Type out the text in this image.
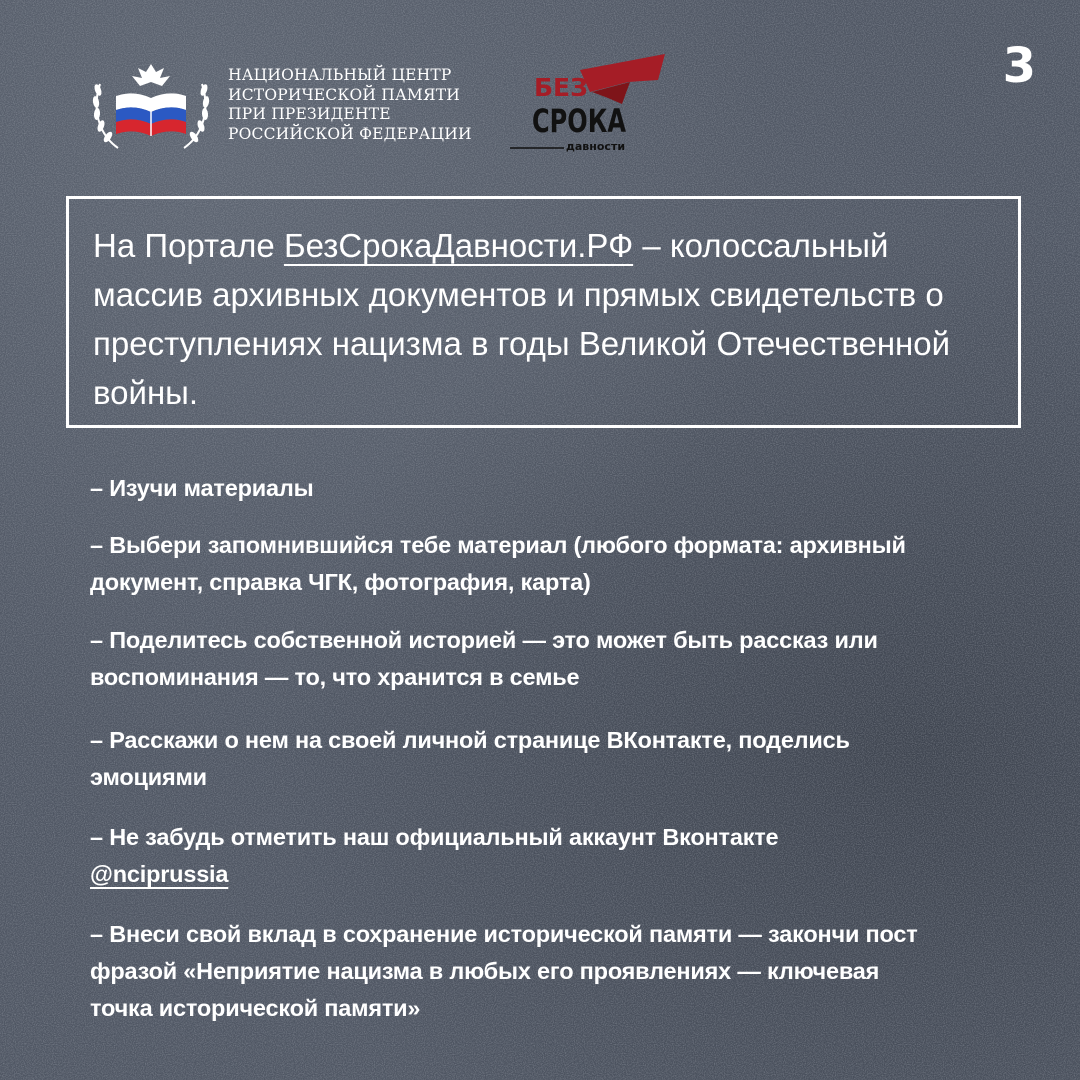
НАЦИОНАЛЬНЫЙ ЦЕНТР
ИСТОРИЧЕСКОЙ ПАМЯТИ
ПРИ ПРЕЗИДЕНТЕ
РОССИЙСКОЙ ФЕДЕРАЦИИ
БЕЗ
СРОКА
давности
3

На Портале БезСрокаДавности.РФ – колоссальный массив архивных документов и прямых свидетельств о преступлениях нацизма в годы Великой Отечественной войны.

– Изучи материалы

– Выбери запомнившийся тебе материал (любого формата: архивный документ, справка ЧГК, фотография, карта)

– Поделитесь собственной историей — это может быть рассказ или воспоминания — то, что хранится в семье

– Расскажи о нем на своей личной странице ВКонтакте, поделись эмоциями

– Не забудь отметить наш официальный аккаунт Вконтакте
@nciprussia

– Внеси свой вклад в сохранение исторической памяти — закончи пост фразой «Неприятие нацизма в любых его проявлениях — ключевая точка исторической памяти»
